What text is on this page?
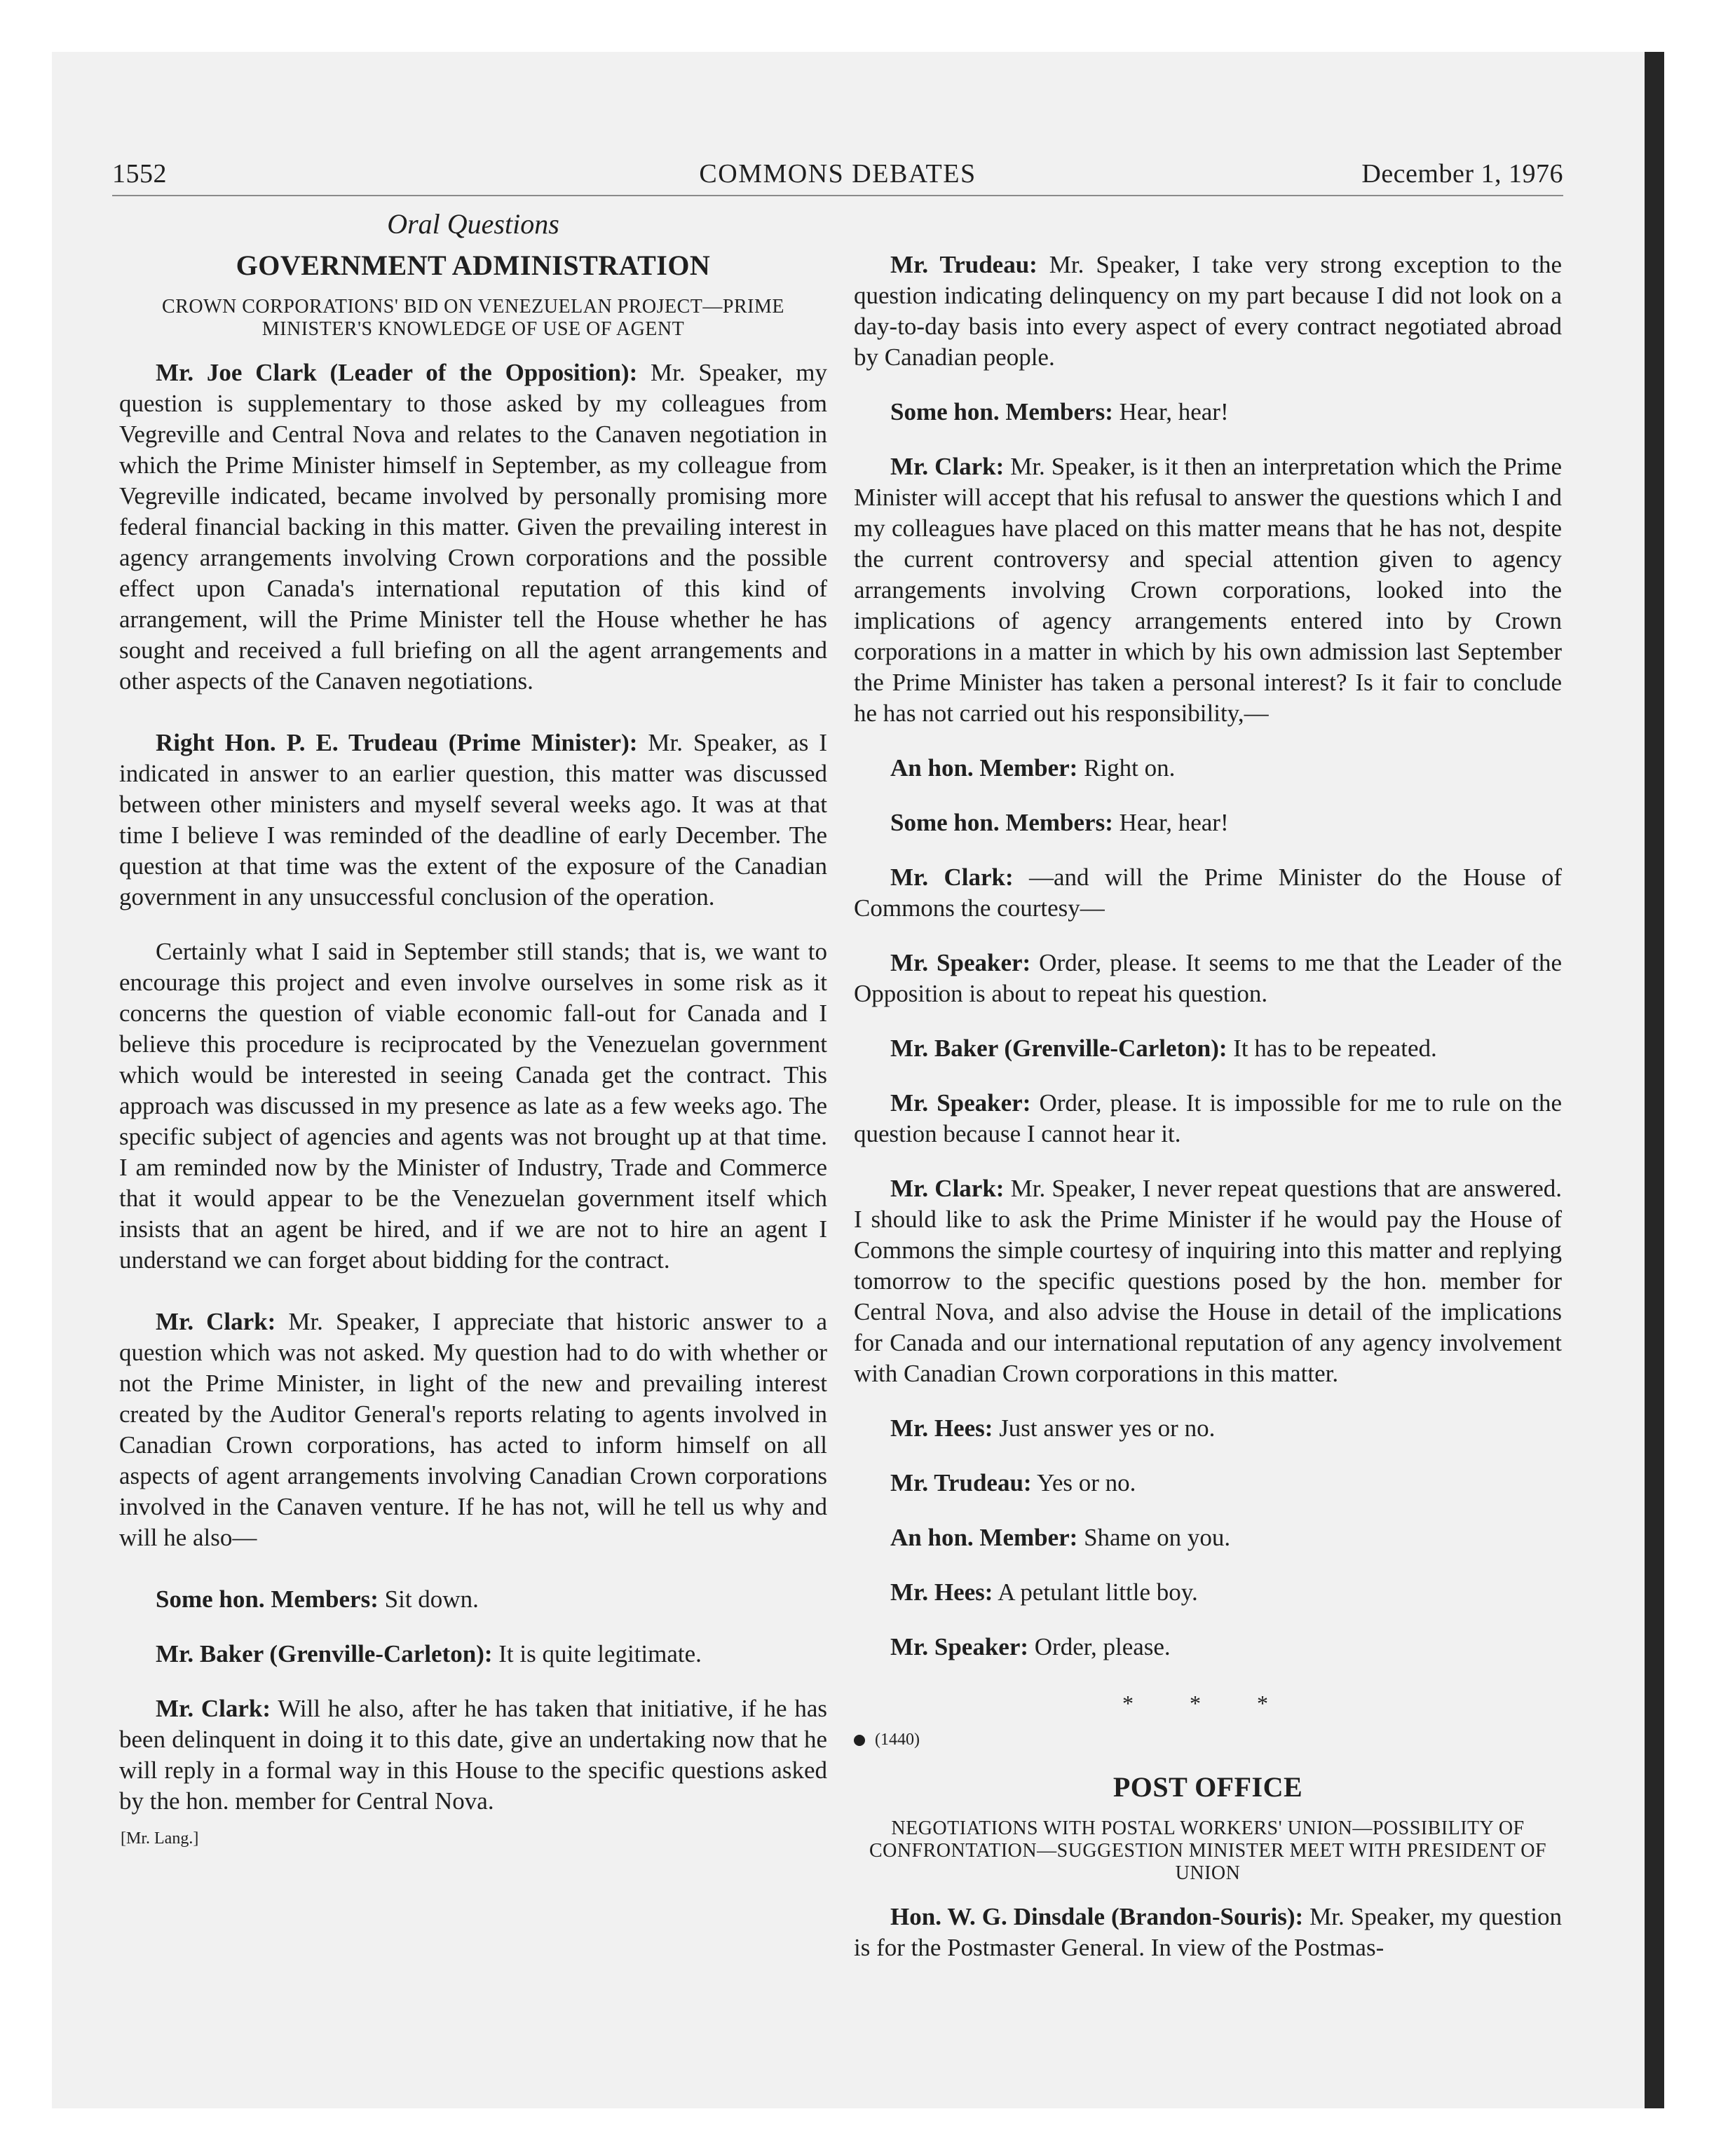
1552	COMMONS DEBATES	December 1, 1976
Oral Questions
GOVERNMENT ADMINISTRATION
CROWN CORPORATIONS' BID ON VENEZUELAN PROJECT—PRIME MINISTER'S KNOWLEDGE OF USE OF AGENT

Mr. Joe Clark (Leader of the Opposition): Mr. Speaker, my question is supplementary to those asked by my colleagues from Vegreville and Central Nova and relates to the Canaven negotiation in which the Prime Minister himself in September, as my colleague from Vegreville indicated, became involved by personally promising more federal financial backing in this matter. Given the prevailing interest in agency arrangements involving Crown corporations and the possible effect upon Canada's international reputation of this kind of arrangement, will the Prime Minister tell the House whether he has sought and received a full briefing on all the agent arrangements and other aspects of the Canaven negotiations.

Right Hon. P. E. Trudeau (Prime Minister): Mr. Speaker, as I indicated in answer to an earlier question, this matter was discussed between other ministers and myself several weeks ago. It was at that time I believe I was reminded of the deadline of early December. The question at that time was the extent of the exposure of the Canadian government in any unsuccessful conclusion of the operation.

Certainly what I said in September still stands; that is, we want to encourage this project and even involve ourselves in some risk as it concerns the question of viable economic fall-out for Canada and I believe this procedure is reciprocated by the Venezuelan government which would be interested in seeing Canada get the contract. This approach was discussed in my presence as late as a few weeks ago. The specific subject of agencies and agents was not brought up at that time. I am reminded now by the Minister of Industry, Trade and Commerce that it would appear to be the Venezuelan government itself which insists that an agent be hired, and if we are not to hire an agent I understand we can forget about bidding for the contract.

Mr. Clark: Mr. Speaker, I appreciate that historic answer to a question which was not asked. My question had to do with whether or not the Prime Minister, in light of the new and prevailing interest created by the Auditor General's reports relating to agents involved in Canadian Crown corporations, has acted to inform himself on all aspects of agent arrangements involving Canadian Crown corporations involved in the Canaven venture. If he has not, will he tell us why and will he also—

Some hon. Members: Sit down.

Mr. Baker (Grenville-Carleton): It is quite legitimate.

Mr. Clark: Will he also, after he has taken that initiative, if he has been delinquent in doing it to this date, give an undertaking now that he will reply in a formal way in this House to the specific questions asked by the hon. member for Central Nova.

[Mr. Lang.]

Mr. Trudeau: Mr. Speaker, I take very strong exception to the question indicating delinquency on my part because I did not look on a day-to-day basis into every aspect of every contract negotiated abroad by Canadian people.

Some hon. Members: Hear, hear!

Mr. Clark: Mr. Speaker, is it then an interpretation which the Prime Minister will accept that his refusal to answer the questions which I and my colleagues have placed on this matter means that he has not, despite the current controversy and special attention given to agency arrangements involving Crown corporations, looked into the implications of agency arrangements entered into by Crown corporations in a matter in which by his own admission last September the Prime Minister has taken a personal interest? Is it fair to conclude he has not carried out his responsibility,—

An hon. Member: Right on.

Some hon. Members: Hear, hear!

Mr. Clark: —and will the Prime Minister do the House of Commons the courtesy—

Mr. Speaker: Order, please. It seems to me that the Leader of the Opposition is about to repeat his question.

Mr. Baker (Grenville-Carleton): It has to be repeated.

Mr. Speaker: Order, please. It is impossible for me to rule on the question because I cannot hear it.

Mr. Clark: Mr. Speaker, I never repeat questions that are answered. I should like to ask the Prime Minister if he would pay the House of Commons the simple courtesy of inquiring into this matter and replying tomorrow to the specific questions posed by the hon. member for Central Nova, and also advise the House in detail of the implications for Canada and our international reputation of any agency involvement with Canadian Crown corporations in this matter.

Mr. Hees: Just answer yes or no.

Mr. Trudeau: Yes or no.

An hon. Member: Shame on you.

Mr. Hees: A petulant little boy.

Mr. Speaker: Order, please.

* * *
(1440)
POST OFFICE
NEGOTIATIONS WITH POSTAL WORKERS' UNION—POSSIBILITY OF CONFRONTATION—SUGGESTION MINISTER MEET WITH PRESIDENT OF UNION

Hon. W. G. Dinsdale (Brandon-Souris): Mr. Speaker, my question is for the Postmaster General. In view of the Postmas-
